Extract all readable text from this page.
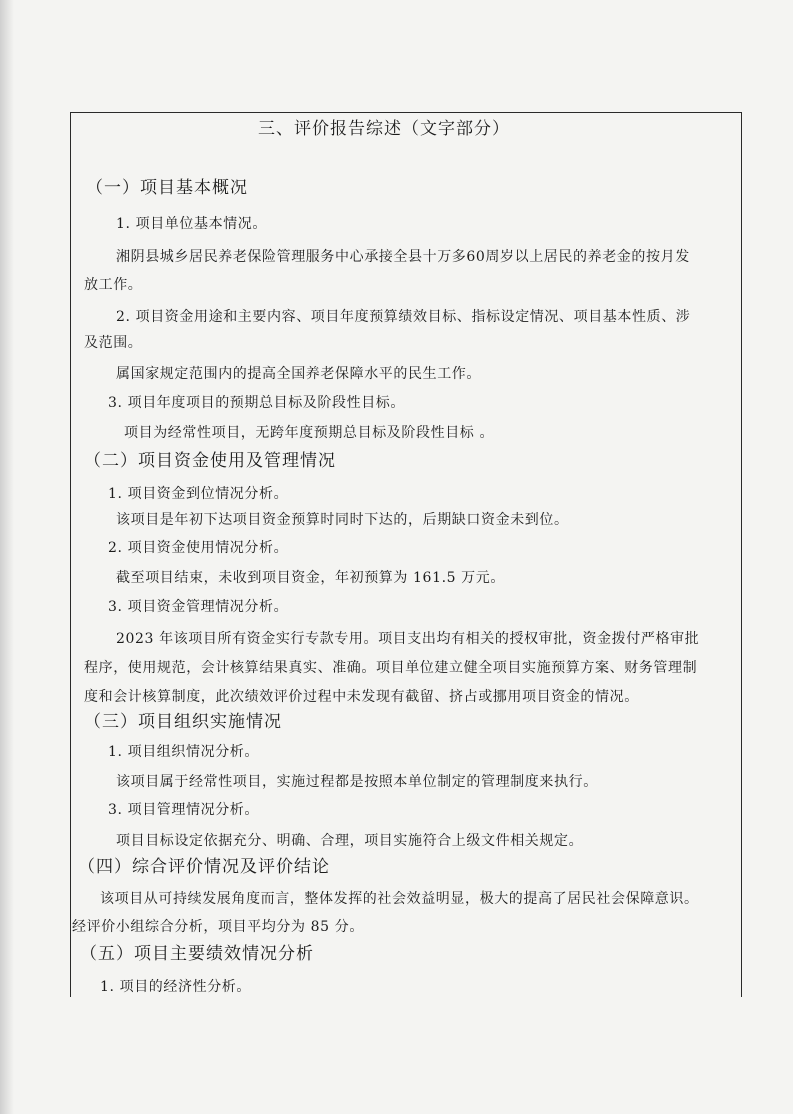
三、评价报告综述（文字部分）
（一）项目基本概况
1. 项目单位基本情况。
湘阴县城乡居民养老保险管理服务中心承接全县十万多60周岁以上居民的养老金的按月发
放工作。
2. 项目资金用途和主要内容、项目年度预算绩效目标、指标设定情况、项目基本性质、涉
及范围。
属国家规定范围内的提高全国养老保障水平的民生工作。
3. 项目年度项目的预期总目标及阶段性目标。
项目为经常性项目，无跨年度预期总目标及阶段性目标 。
（二）项目资金使用及管理情况
1. 项目资金到位情况分析。
该项目是年初下达项目资金预算时同时下达的，后期缺口资金未到位。
2. 项目资金使用情况分析。
截至项目结束，未收到项目资金，年初预算为 161.5 万元。
3. 项目资金管理情况分析。
2023 年该项目所有资金实行专款专用。项目支出均有相关的授权审批，资金拨付严格审批
程序，使用规范，会计核算结果真实、准确。项目单位建立健全项目实施预算方案、财务管理制
度和会计核算制度，此次绩效评价过程中未发现有截留、挤占或挪用项目资金的情况。
（三）项目组织实施情况
1. 项目组织情况分析。
该项目属于经常性项目，实施过程都是按照本单位制定的管理制度来执行。
3. 项目管理情况分析。
项目目标设定依据充分、明确、合理，项目实施符合上级文件相关规定。
（四）综合评价情况及评价结论
该项目从可持续发展角度而言，整体发挥的社会效益明显，极大的提高了居民社会保障意识。
经评价小组综合分析，项目平均分为 85 分。
（五）项目主要绩效情况分析
1. 项目的经济性分析。
